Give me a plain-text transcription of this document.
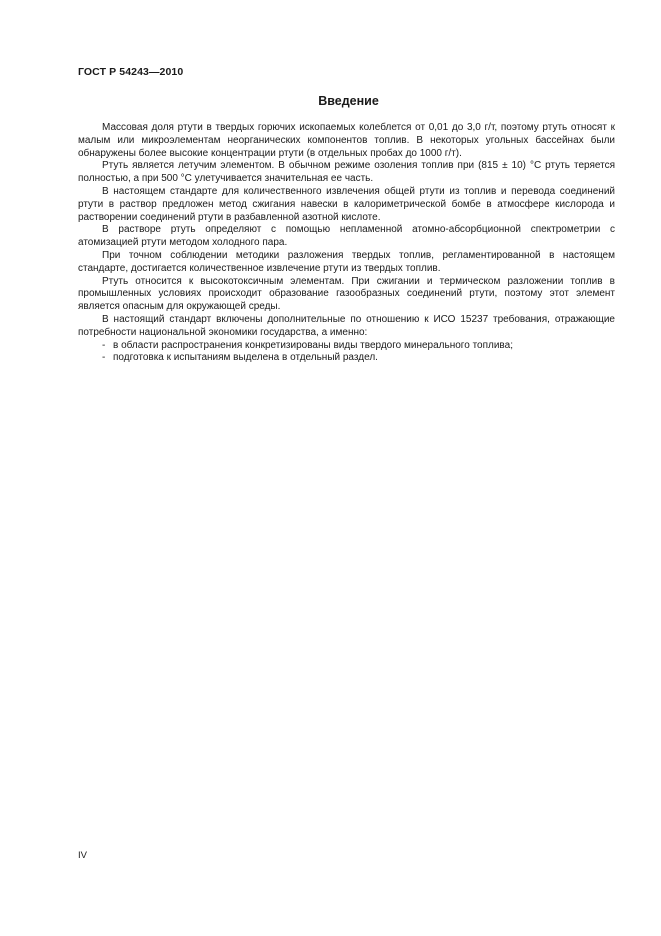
ГОСТ Р 54243—2010
Введение

Массовая доля ртути в твердых горючих ископаемых колеблется от 0,01 до 3,0 г/т, поэтому ртуть относят к малым или микроэлементам неорганических компонентов топлив. В некоторых угольных бассейнах были обнаружены более высокие концентрации ртути (в отдельных пробах до 1000 г/т).

Ртуть является летучим элементом. В обычном режиме озоления топлив при (815 ± 10) °С ртуть теряется полностью, а при 500 °С улетучивается значительная ее часть.

В настоящем стандарте для количественного извлечения общей ртути из топлив и перевода соединений ртути в раствор предложен метод сжигания навески в калориметрической бомбе в атмосфере кислорода и растворении соединений ртути в разбавленной азотной кислоте.

В растворе ртуть определяют с помощью непламенной атомно-абсорбционной спектрометрии с атомизацией ртути методом холодного пара.

При точном соблюдении методики разложения твердых топлив, регламентированной в настоящем стандарте, достигается количественное извлечение ртути из твердых топлив.

Ртуть относится к высокотоксичным элементам. При сжигании и термическом разложении топлив в промышленных условиях происходит образование газообразных соединений ртути, поэтому этот элемент является опасным для окружающей среды.

В настоящий стандарт включены дополнительные по отношению к ИСО 15237 требования, отражающие потребности национальной экономики государства, а именно:

- в области распространения конкретизированы виды твердого минерального топлива;
- подготовка к испытаниям выделена в отдельный раздел.
IV
